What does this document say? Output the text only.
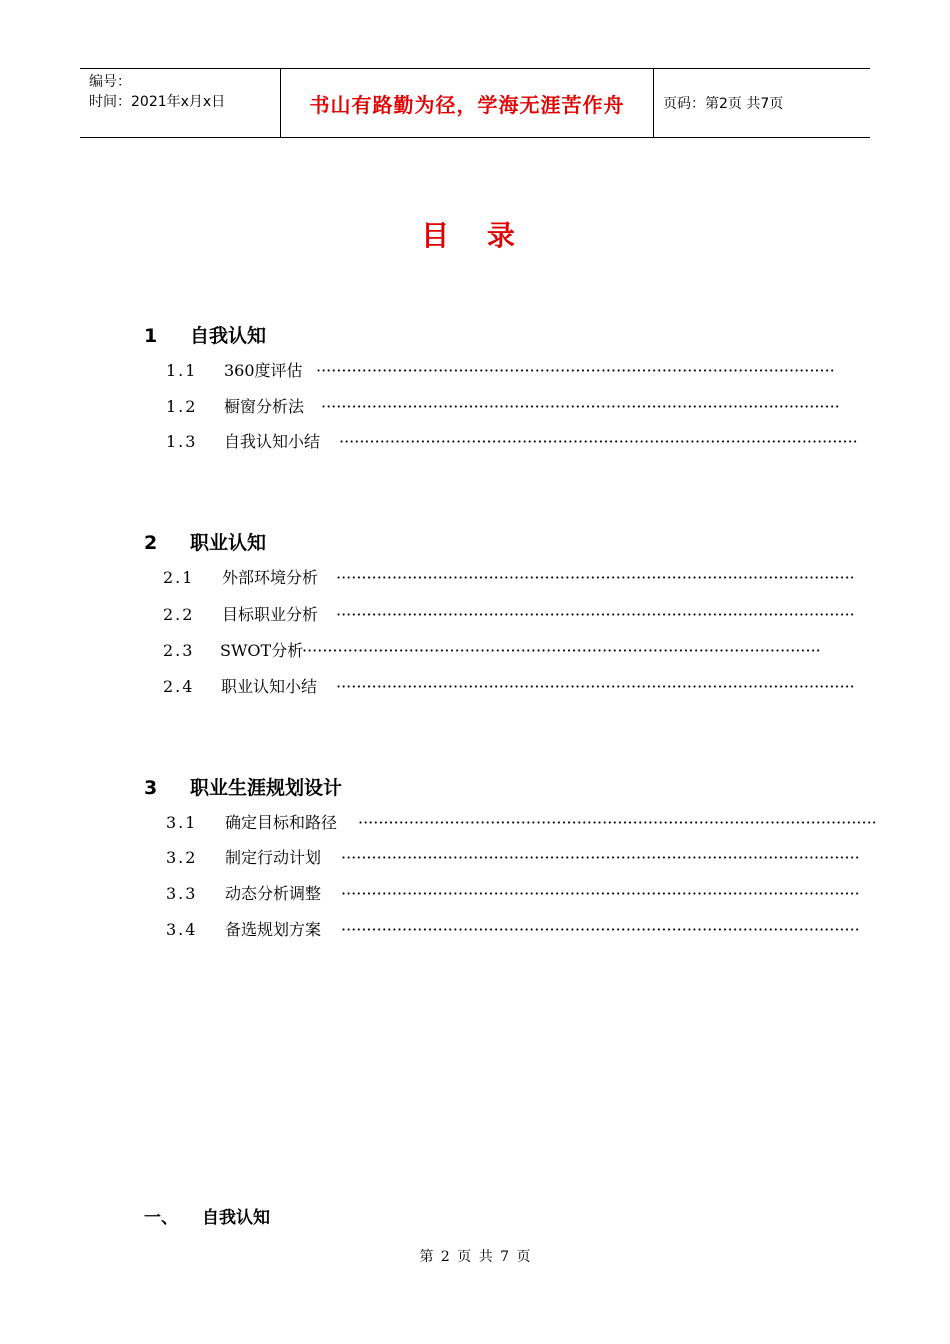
编号：
时间：2021年x月x日	书山有路勤为径，学海无涯苦作舟	页码：第2页 共7页
目 录
1 自我认知
1.1 360度评估 ······································································································
1.2 橱窗分析法 ······································································································
1.3 自我认知小结 ······································································································
2 职业认知
2.1 外部环境分析 ······································································································
2.2 目标职业分析 ······································································································
2.3 SWOT分析
······································································································
2.4 职业认知小结 ······································································································
3 职业生涯规划设计
3.1 确定目标和路径 ······································································································
3.2 制定行动计划 ······································································································
3.3 动态分析调整 ······································································································
3.4 备选规划方案 ······································································································
一、 自我认知
第 2 页 共 7 页
